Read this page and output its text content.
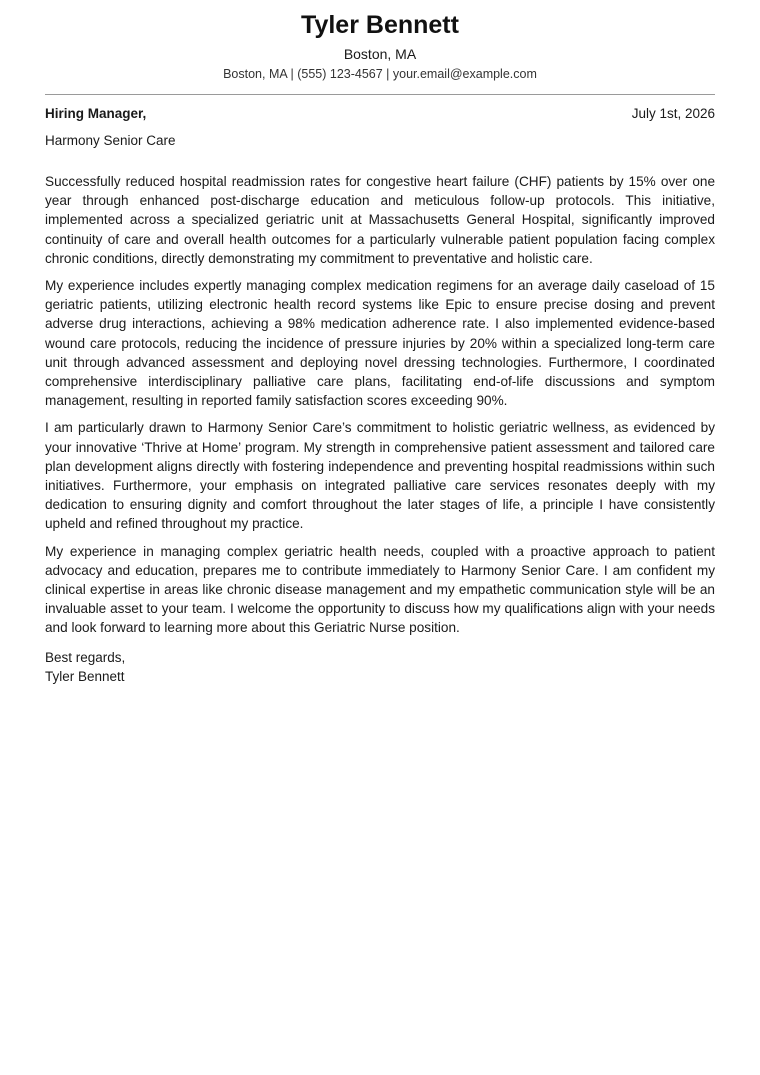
Tyler Bennett
Boston, MA
Boston, MA | (555) 123-4567 | your.email@example.com
Hiring Manager,	July 1st, 2026
Harmony Senior Care

Successfully reduced hospital readmission rates for congestive heart failure (CHF) patients by 15% over one year through enhanced post-discharge education and meticulous follow-up protocols. This initiative, implemented across a specialized geriatric unit at Massachusetts General Hospital, significantly improved continuity of care and overall health outcomes for a particularly vulnerable patient population facing complex chronic conditions, directly demonstrating my commitment to preventative and holistic care.

My experience includes expertly managing complex medication regimens for an average daily caseload of 15 geriatric patients, utilizing electronic health record systems like Epic to ensure precise dosing and prevent adverse drug interactions, achieving a 98% medication adherence rate. I also implemented evidence-based wound care protocols, reducing the incidence of pressure injuries by 20% within a specialized long-term care unit through advanced assessment and deploying novel dressing technologies. Furthermore, I coordinated comprehensive interdisciplinary palliative care plans, facilitating end-of-life discussions and symptom management, resulting in reported family satisfaction scores exceeding 90%.

I am particularly drawn to Harmony Senior Care’s commitment to holistic geriatric wellness, as evidenced by your innovative ‘Thrive at Home’ program. My strength in comprehensive patient assessment and tailored care plan development aligns directly with fostering independence and preventing hospital readmissions within such initiatives. Furthermore, your emphasis on integrated palliative care services resonates deeply with my dedication to ensuring dignity and comfort throughout the later stages of life, a principle I have consistently upheld and refined throughout my practice.

My experience in managing complex geriatric health needs, coupled with a proactive approach to patient advocacy and education, prepares me to contribute immediately to Harmony Senior Care. I am confident my clinical expertise in areas like chronic disease management and my empathetic communication style will be an invaluable asset to your team. I welcome the opportunity to discuss how my qualifications align with your needs and look forward to learning more about this Geriatric Nurse position.

Best regards,
Tyler Bennett
